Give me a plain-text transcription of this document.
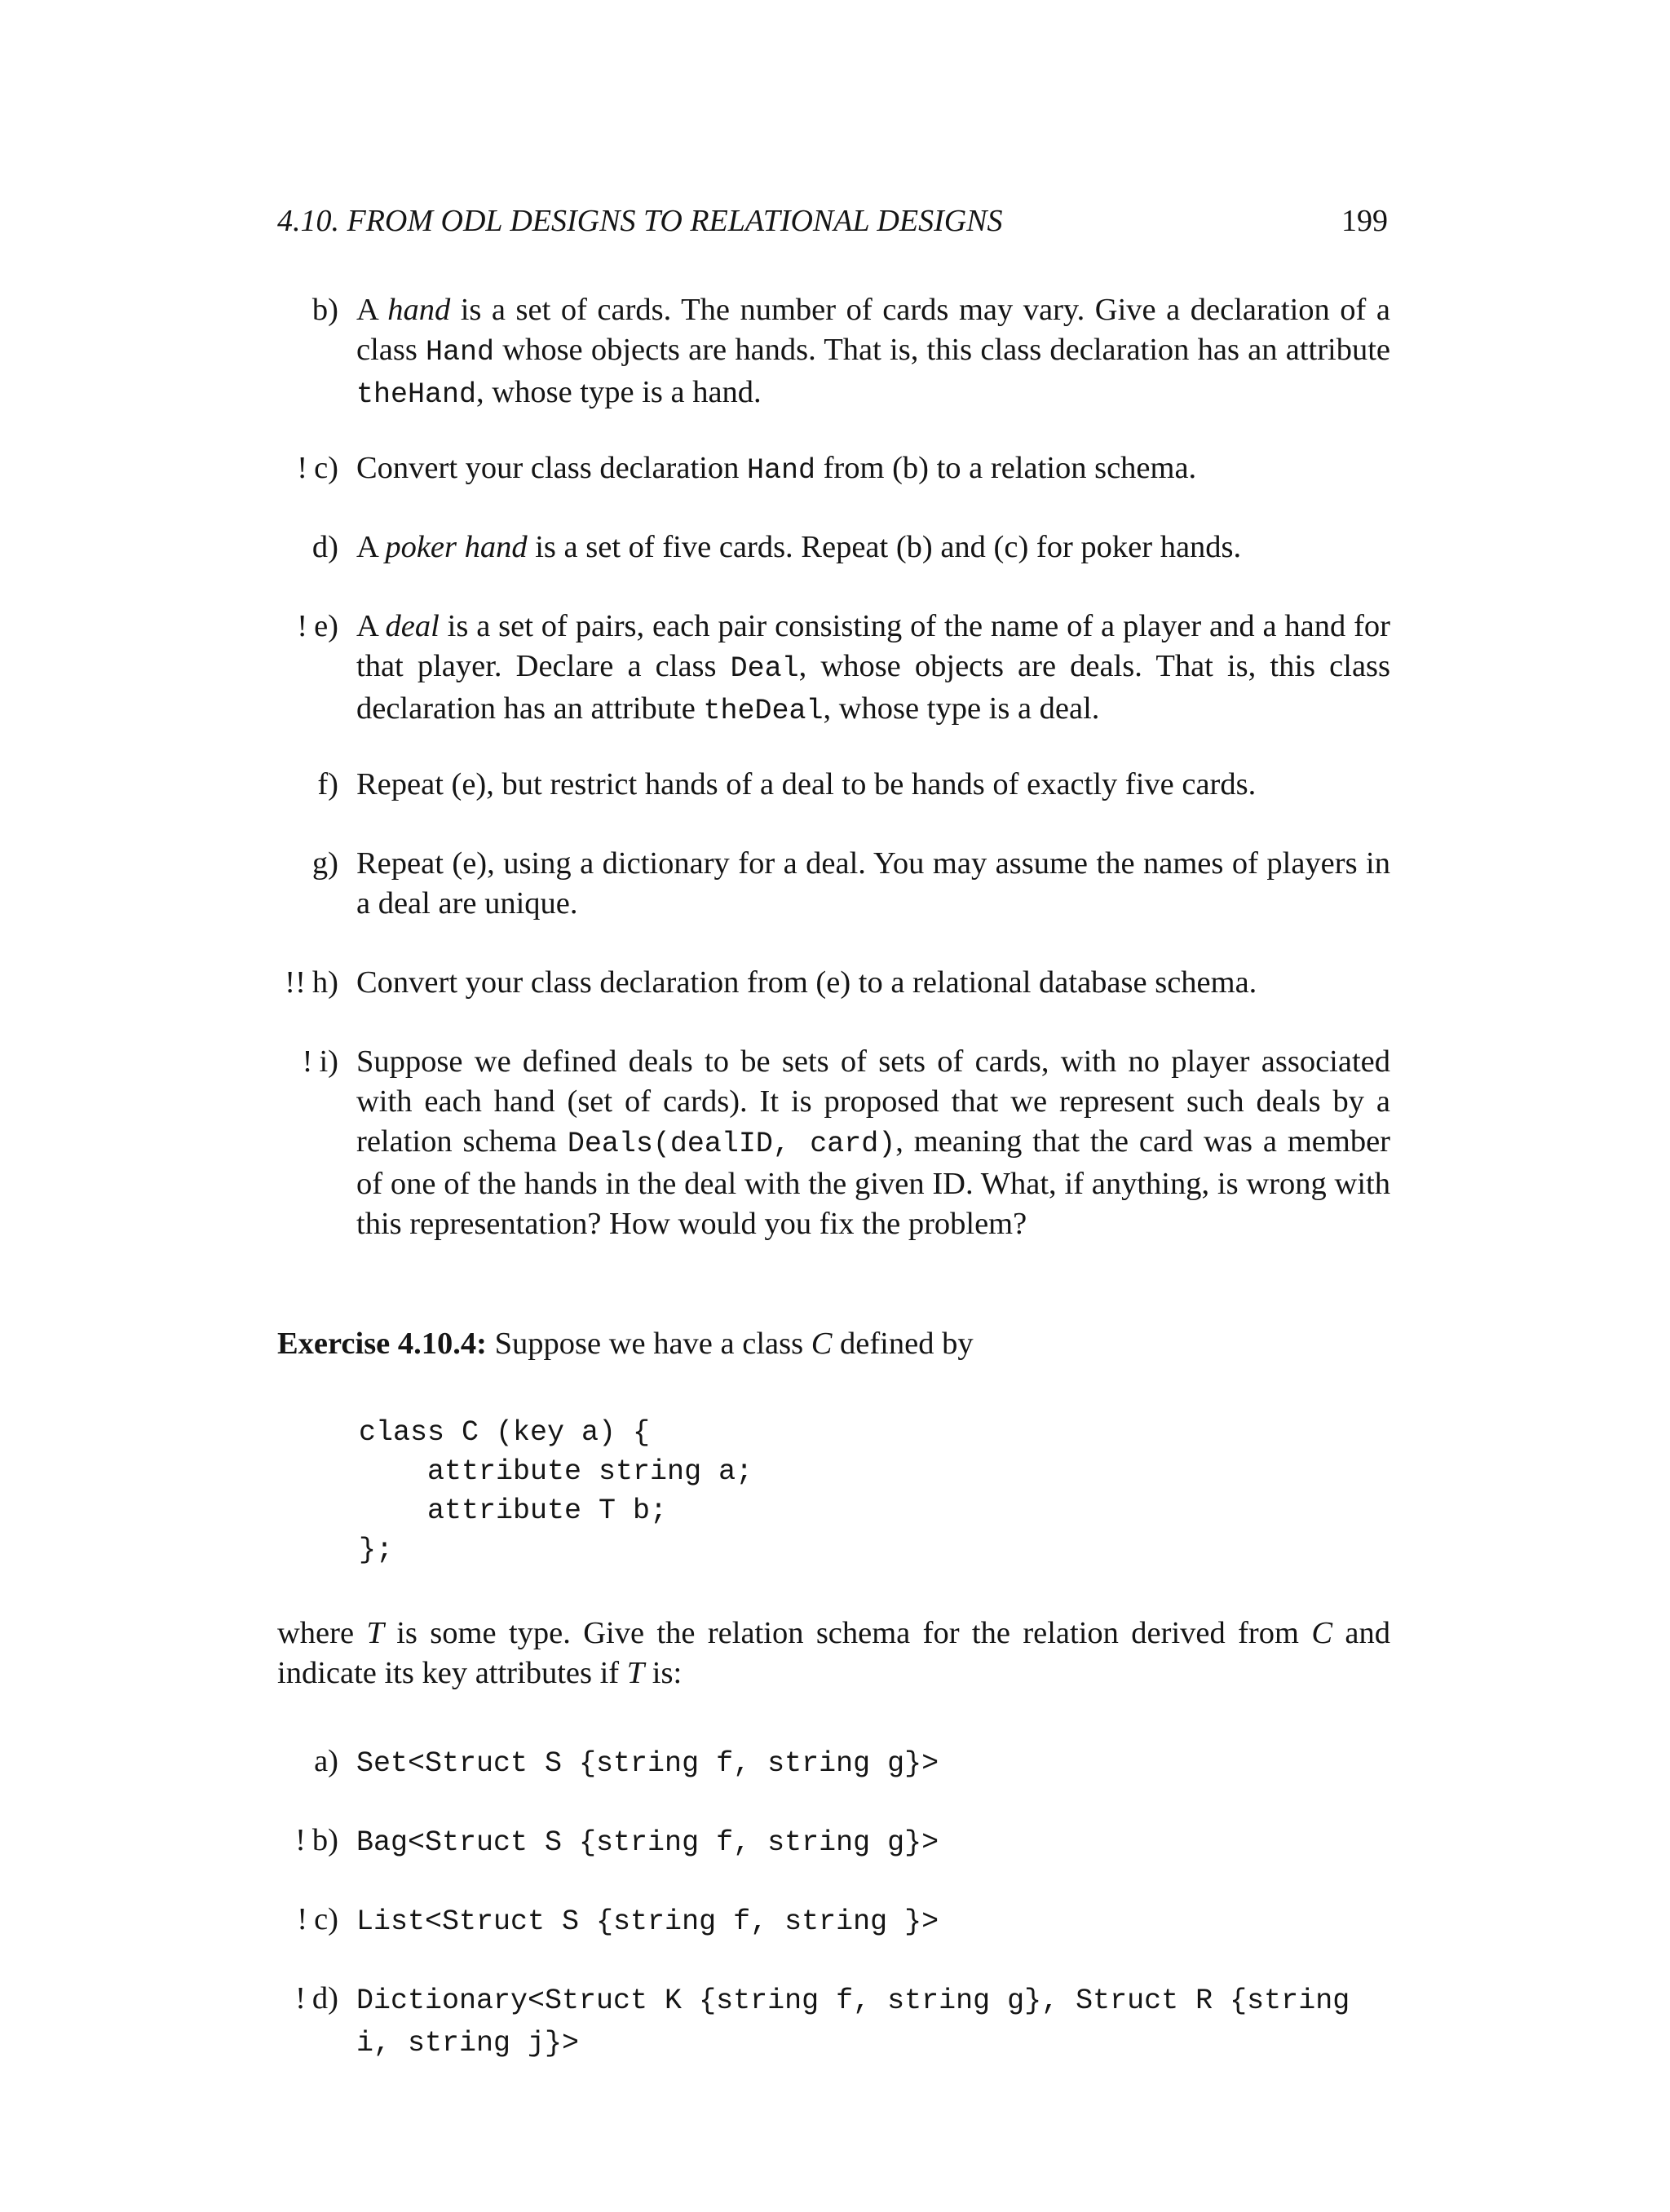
4.10. FROM ODL DESIGNS TO RELATIONAL DESIGNS	199
b) A hand is a set of cards. The number of cards may vary. Give a declaration of a class Hand whose objects are hands. That is, this class declaration has an attribute theHand, whose type is a hand.
! c) Convert your class declaration Hand from (b) to a relation schema.
d) A poker hand is a set of five cards. Repeat (b) and (c) for poker hands.
! e) A deal is a set of pairs, each pair consisting of the name of a player and a hand for that player. Declare a class Deal, whose objects are deals. That is, this class declaration has an attribute theDeal, whose type is a deal.
f) Repeat (e), but restrict hands of a deal to be hands of exactly five cards.
g) Repeat (e), using a dictionary for a deal. You may assume the names of players in a deal are unique.
!! h) Convert your class declaration from (e) to a relational database schema.
! i) Suppose we defined deals to be sets of sets of cards, with no player associated with each hand (set of cards). It is proposed that we represent such deals by a relation schema Deals(dealID, card), meaning that the card was a member of one of the hands in the deal with the given ID. What, if anything, is wrong with this representation? How would you fix the problem?
Exercise 4.10.4: Suppose we have a class C defined by
class C (key a) {
attribute string a;
attribute T b;
};
where T is some type. Give the relation schema for the relation derived from C and indicate its key attributes if T is:
a) Set<Struct S {string f, string g}>
! b) Bag<Struct S {string f, string g}>
! c) List<Struct S {string f, string }>
! d) Dictionary<Struct K {string f, string g}, Struct R {string i, string j}>
